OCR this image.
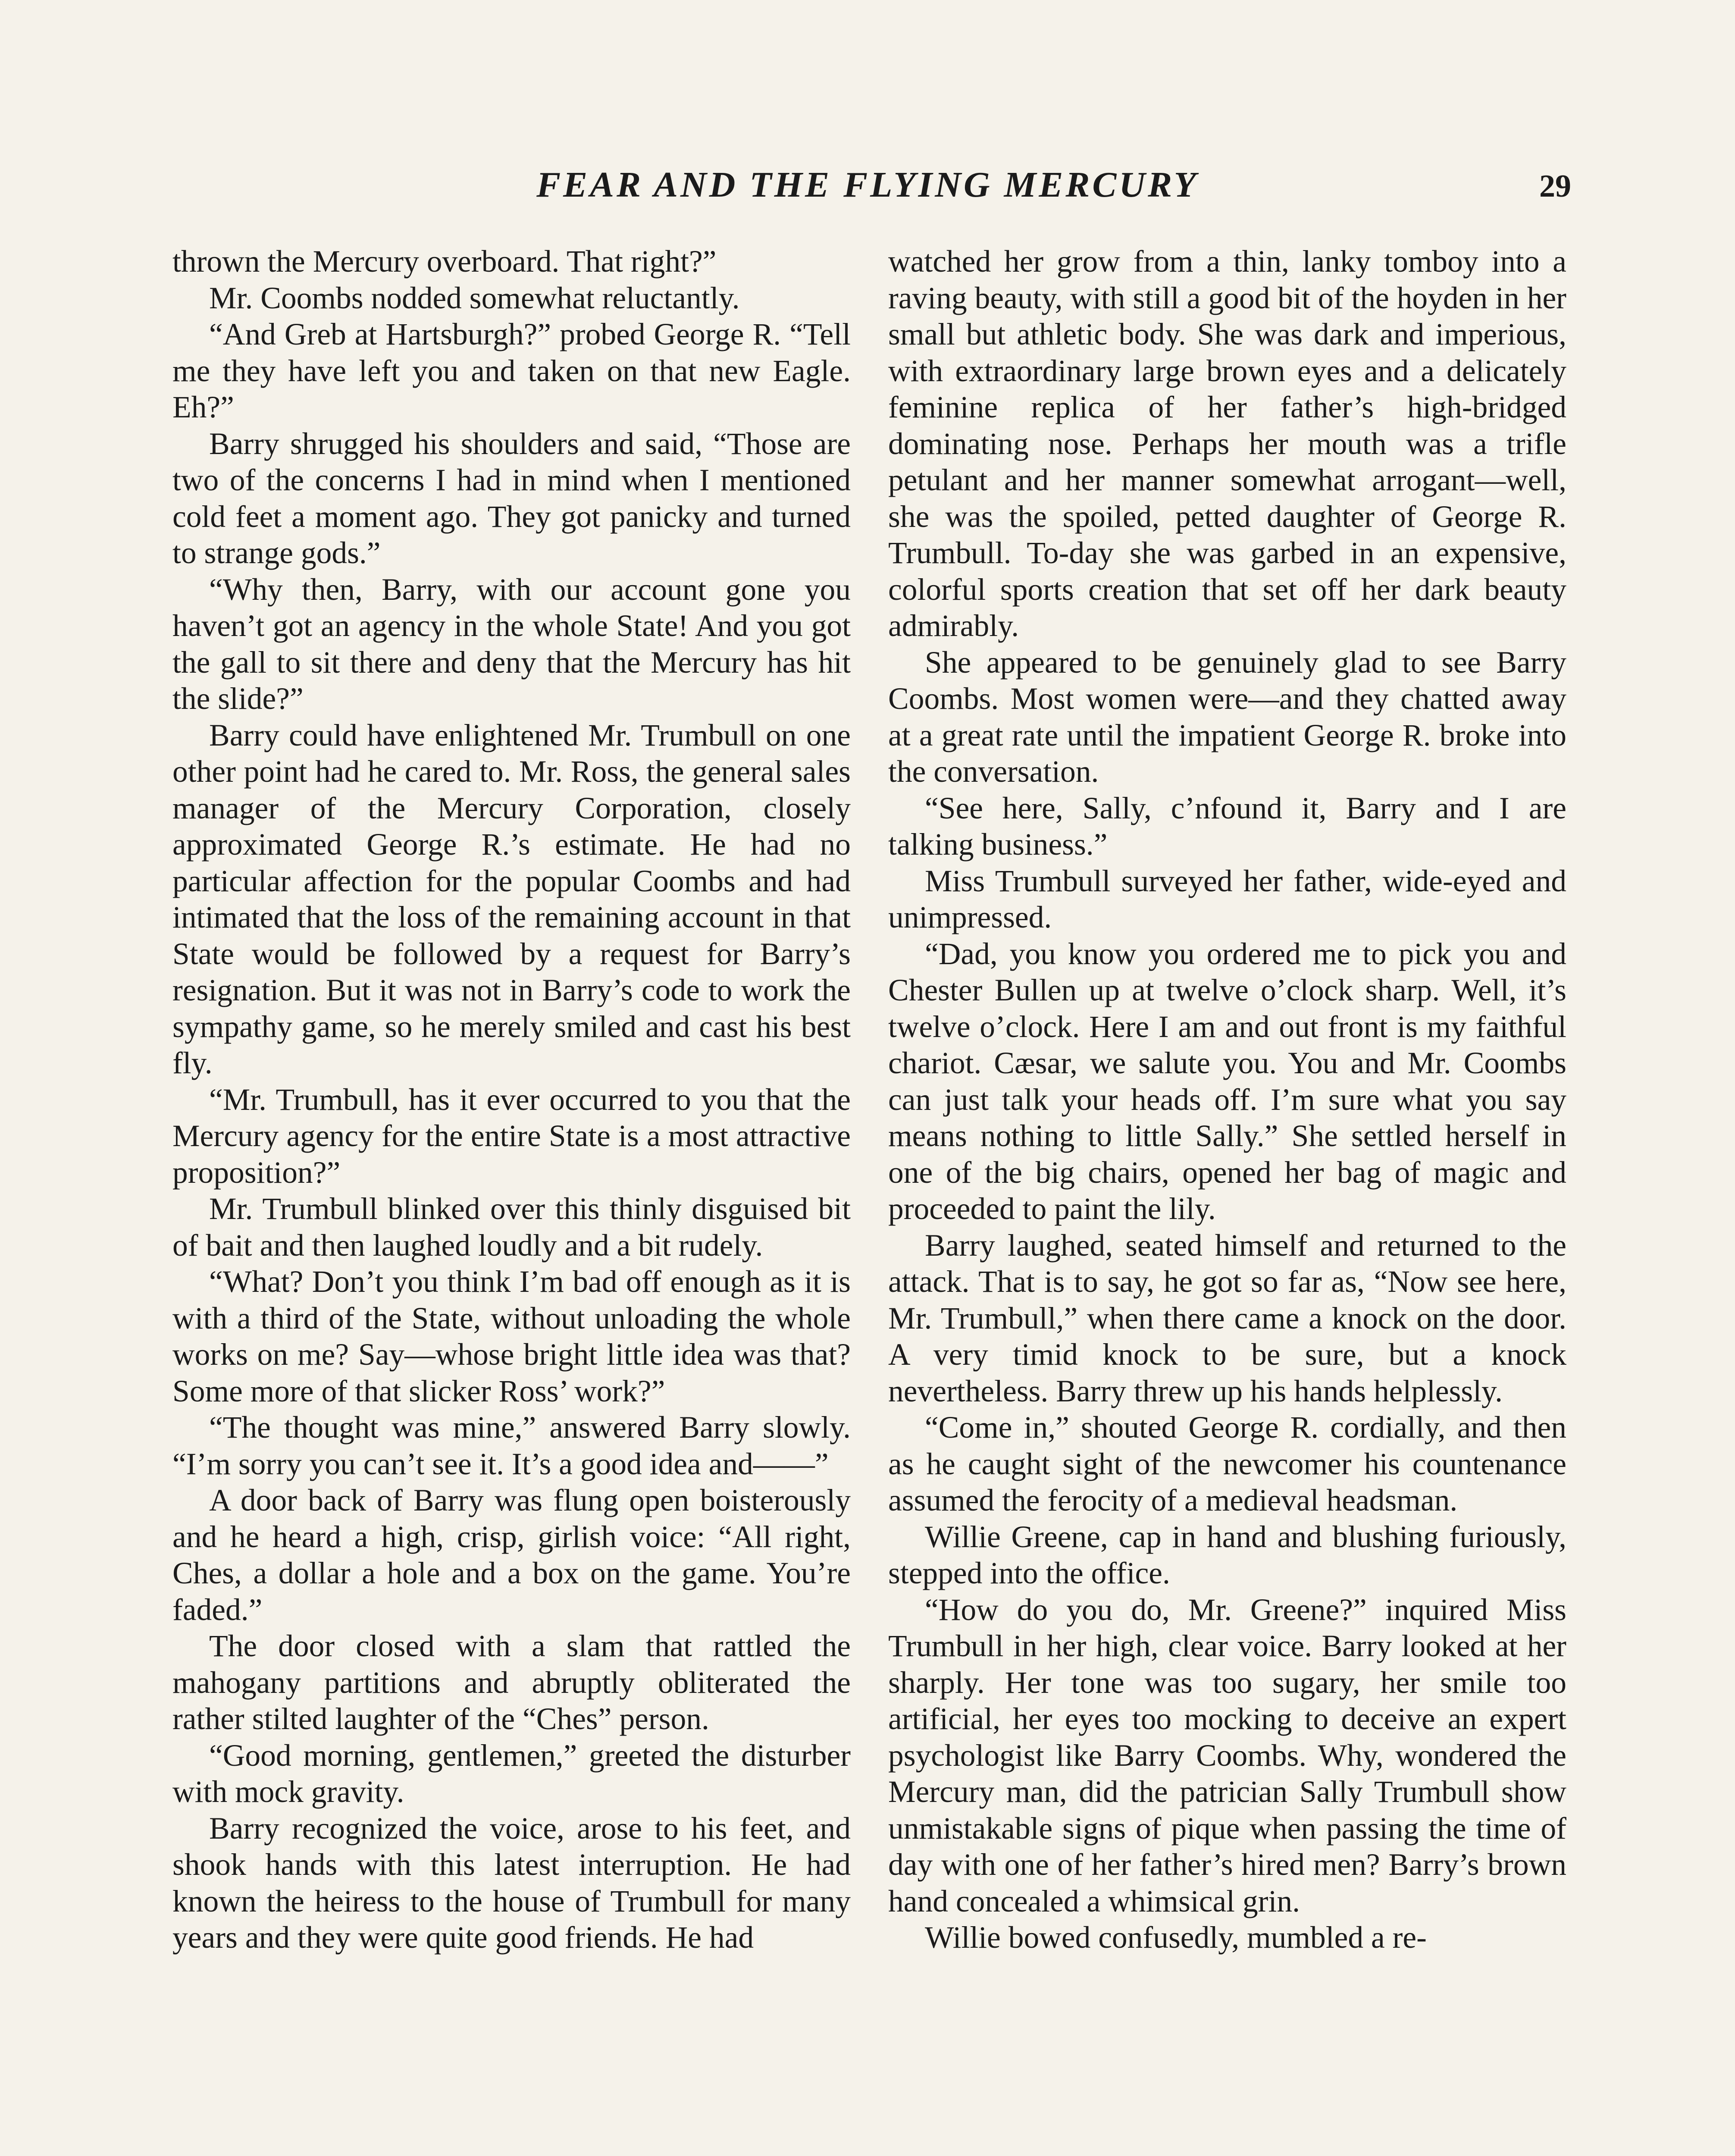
FEAR AND THE FLYING MERCURY	29

thrown the Mercury overboard. That right?”

Mr. Coombs nodded somewhat reluctantly.

“And Greb at Hartsburgh?” probed George R. “Tell me they have left you and taken on that new Eagle. Eh?”

Barry shrugged his shoulders and said, “Those are two of the concerns I had in mind when I mentioned cold feet a moment ago. They got panicky and turned to strange gods.”

“Why then, Barry, with our account gone you haven’t got an agency in the whole State! And you got the gall to sit there and deny that the Mercury has hit the slide?”

Barry could have enlightened Mr. Trumbull on one other point had he cared to. Mr. Ross, the general sales manager of the Mercury Corporation, closely approximated George R.’s estimate. He had no particular affection for the popular Coombs and had intimated that the loss of the remaining account in that State would be followed by a request for Barry’s resignation. But it was not in Barry’s code to work the sympathy game, so he merely smiled and cast his best fly.

“Mr. Trumbull, has it ever occurred to you that the Mercury agency for the entire State is a most attractive proposition?”

Mr. Trumbull blinked over this thinly disguised bit of bait and then laughed loudly and a bit rudely.

“What? Don’t you think I’m bad off enough as it is with a third of the State, without unloading the whole works on me? Say—whose bright little idea was that? Some more of that slicker Ross’ work?”

“The thought was mine,” answered Barry slowly. “I’m sorry you can’t see it. It’s a good idea and——”

A door back of Barry was flung open boisterously and he heard a high, crisp, girlish voice: “All right, Ches, a dollar a hole and a box on the game. You’re faded.”

The door closed with a slam that rattled the mahogany partitions and abruptly obliterated the rather stilted laughter of the “Ches” person.

“Good morning, gentlemen,” greeted the disturber with mock gravity.

Barry recognized the voice, arose to his feet, and shook hands with this latest interruption. He had known the heiress to the house of Trumbull for many years and they were quite good friends. He had

watched her grow from a thin, lanky tomboy into a raving beauty, with still a good bit of the hoyden in her small but athletic body. She was dark and imperious, with extraordinary large brown eyes and a delicately feminine replica of her father’s high-bridged dominating nose. Perhaps her mouth was a trifle petulant and her manner somewhat arrogant—well, she was the spoiled, petted daughter of George R. Trumbull. To-day she was garbed in an expensive, colorful sports creation that set off her dark beauty admirably.

She appeared to be genuinely glad to see Barry Coombs. Most women were—and they chatted away at a great rate until the impatient George R. broke into the conversation.

“See here, Sally, c’nfound it, Barry and I are talking business.”

Miss Trumbull surveyed her father, wide-eyed and unimpressed.

“Dad, you know you ordered me to pick you and Chester Bullen up at twelve o’clock sharp. Well, it’s twelve o’clock. Here I am and out front is my faithful chariot. Cæsar, we salute you. You and Mr. Coombs can just talk your heads off. I’m sure what you say means nothing to little Sally.” She settled herself in one of the big chairs, opened her bag of magic and proceeded to paint the lily.

Barry laughed, seated himself and returned to the attack. That is to say, he got so far as, “Now see here, Mr. Trumbull,” when there came a knock on the door. A very timid knock to be sure, but a knock nevertheless. Barry threw up his hands helplessly.

“Come in,” shouted George R. cordially, and then as he caught sight of the newcomer his countenance assumed the ferocity of a medieval headsman.

Willie Greene, cap in hand and blushing furiously, stepped into the office.

“How do you do, Mr. Greene?” inquired Miss Trumbull in her high, clear voice. Barry looked at her sharply. Her tone was too sugary, her smile too artificial, her eyes too mocking to deceive an expert psychologist like Barry Coombs. Why, wondered the Mercury man, did the patrician Sally Trumbull show unmistakable signs of pique when passing the time of day with one of her father’s hired men? Barry’s brown hand concealed a whimsical grin.

Willie bowed confusedly, mumbled a re-
